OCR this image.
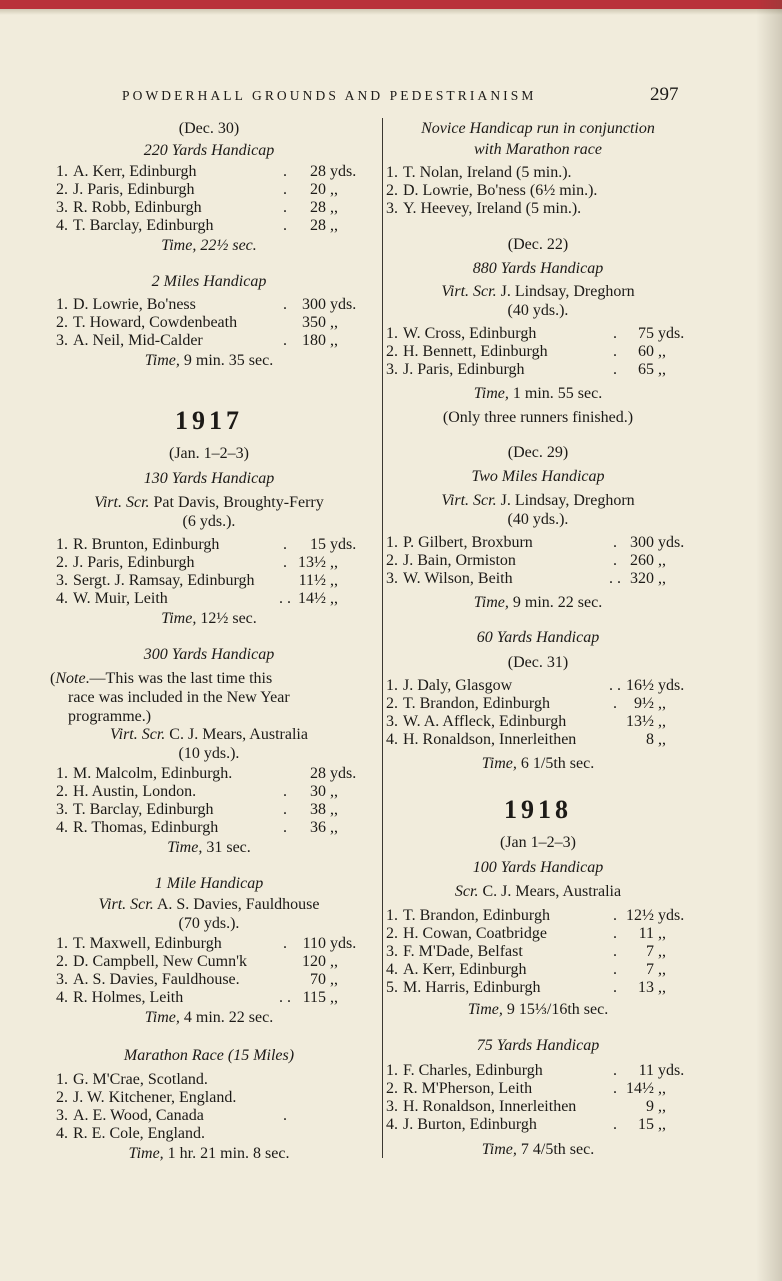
POWDERHALL GROUNDS AND PEDESTRIANISM	297
(Dec. 30)
220 Yards Handicap
1. A. Kerr, Edinburgh	.	28 yds.
2. J. Paris, Edinburgh	.	20 ,,
3. R. Robb, Edinburgh	.	28 ,,
4. T. Barclay, Edinburgh	.	28 ,,
Time, 22½ sec.
2 Miles Handicap
1. D. Lowrie, Bo'ness	. 300 yds.
2. T. Howard, Cowdenbeath	350 ,,
3. A. Neil, Mid-Calder	. 180 ,,
Time, 9 min. 35 sec.
1917
(Jan. 1–2–3)
130 Yards Handicap
Virt. Scr. Pat Davis, Broughty-Ferry
(6 yds.).
1. R. Brunton, Edinburgh	.	15 yds.
2. J. Paris, Edinburgh	. 13½ ,,
3. Sergt. J. Ramsay, Edinburgh	11½ ,,
4. W. Muir, Leith	. . 14½ ,,
Time, 12½ sec.
300 Yards Handicap
(Note.—This was the last time this
race was included in the New Year
programme.)
Virt. Scr. C. J. Mears, Australia
(10 yds.).
1. M. Malcolm, Edinburgh.	28 yds.
2. H. Austin, London.	.	30 ,,
3. T. Barclay, Edinburgh	.	38 ,,
4. R. Thomas, Edinburgh	.	36 ,,
Time, 31 sec.
1 Mile Handicap
Virt. Scr. A. S. Davies, Fauldhouse
(70 yds.).
1. T. Maxwell, Edinburgh	. 110 yds.
2. D. Campbell, New Cumn'k	120 ,,
3. A. S. Davies, Fauldhouse.	70 ,,
4. R. Holmes, Leith	. . 115 ,,
Time, 4 min. 22 sec.
Marathon Race (15 Miles)
1. G. M'Crae, Scotland.
2. J. W. Kitchener, England.
3. A. E. Wood, Canada	.
4. R. E. Cole, England.
Time, 1 hr. 21 min. 8 sec.
Novice Handicap run in conjunction
with Marathon race
1. T. Nolan, Ireland (5 min.).
2. D. Lowrie, Bo'ness (6½ min.).
3. Y. Heevey, Ireland (5 min.).
(Dec. 22)
880 Yards Handicap
Virt. Scr. J. Lindsay, Dreghorn
(40 yds.).
1. W. Cross, Edinburgh	.	75 yds.
2. H. Bennett, Edinburgh	.	60 ,,
3. J. Paris, Edinburgh	.	65 ,,
Time, 1 min. 55 sec.
(Only three runners finished.)
(Dec. 29)
Two Miles Handicap
Virt. Scr. J. Lindsay, Dreghorn
(40 yds.).
1. P. Gilbert, Broxburn	. 300 yds.
2. J. Bain, Ormiston	. 260 ,,
3. W. Wilson, Beith	. . 320 ,,
Time, 9 min. 22 sec.
60 Yards Handicap
(Dec. 31)
1. J. Daly, Glasgow	. . 16½ yds.
2. T. Brandon, Edinburgh	.	9½ ,,
3. W. A. Affleck, Edinburgh	13½ ,,
4. H. Ronaldson, Innerleithen	8 ,,
Time, 6 1/5th sec.
1918
(Jan 1–2–3)
100 Yards Handicap
Scr. C. J. Mears, Australia
1. T. Brandon, Edinburgh	. 12½ yds.
2. H. Cowan, Coatbridge	.	11 ,,
3. F. M'Dade, Belfast	.	7 ,,
4. A. Kerr, Edinburgh	.	7 ,,
5. M. Harris, Edinburgh	.	13 ,,
Time, 9 15⅓/16th sec.
75 Yards Handicap
1. F. Charles, Edinburgh	.	11 yds.
2. R. M'Pherson, Leith	. 14½ ,,
3. H. Ronaldson, Innerleithen	9 ,,
4. J. Burton, Edinburgh	.	15 ,,
Time, 7 4/5th sec.
